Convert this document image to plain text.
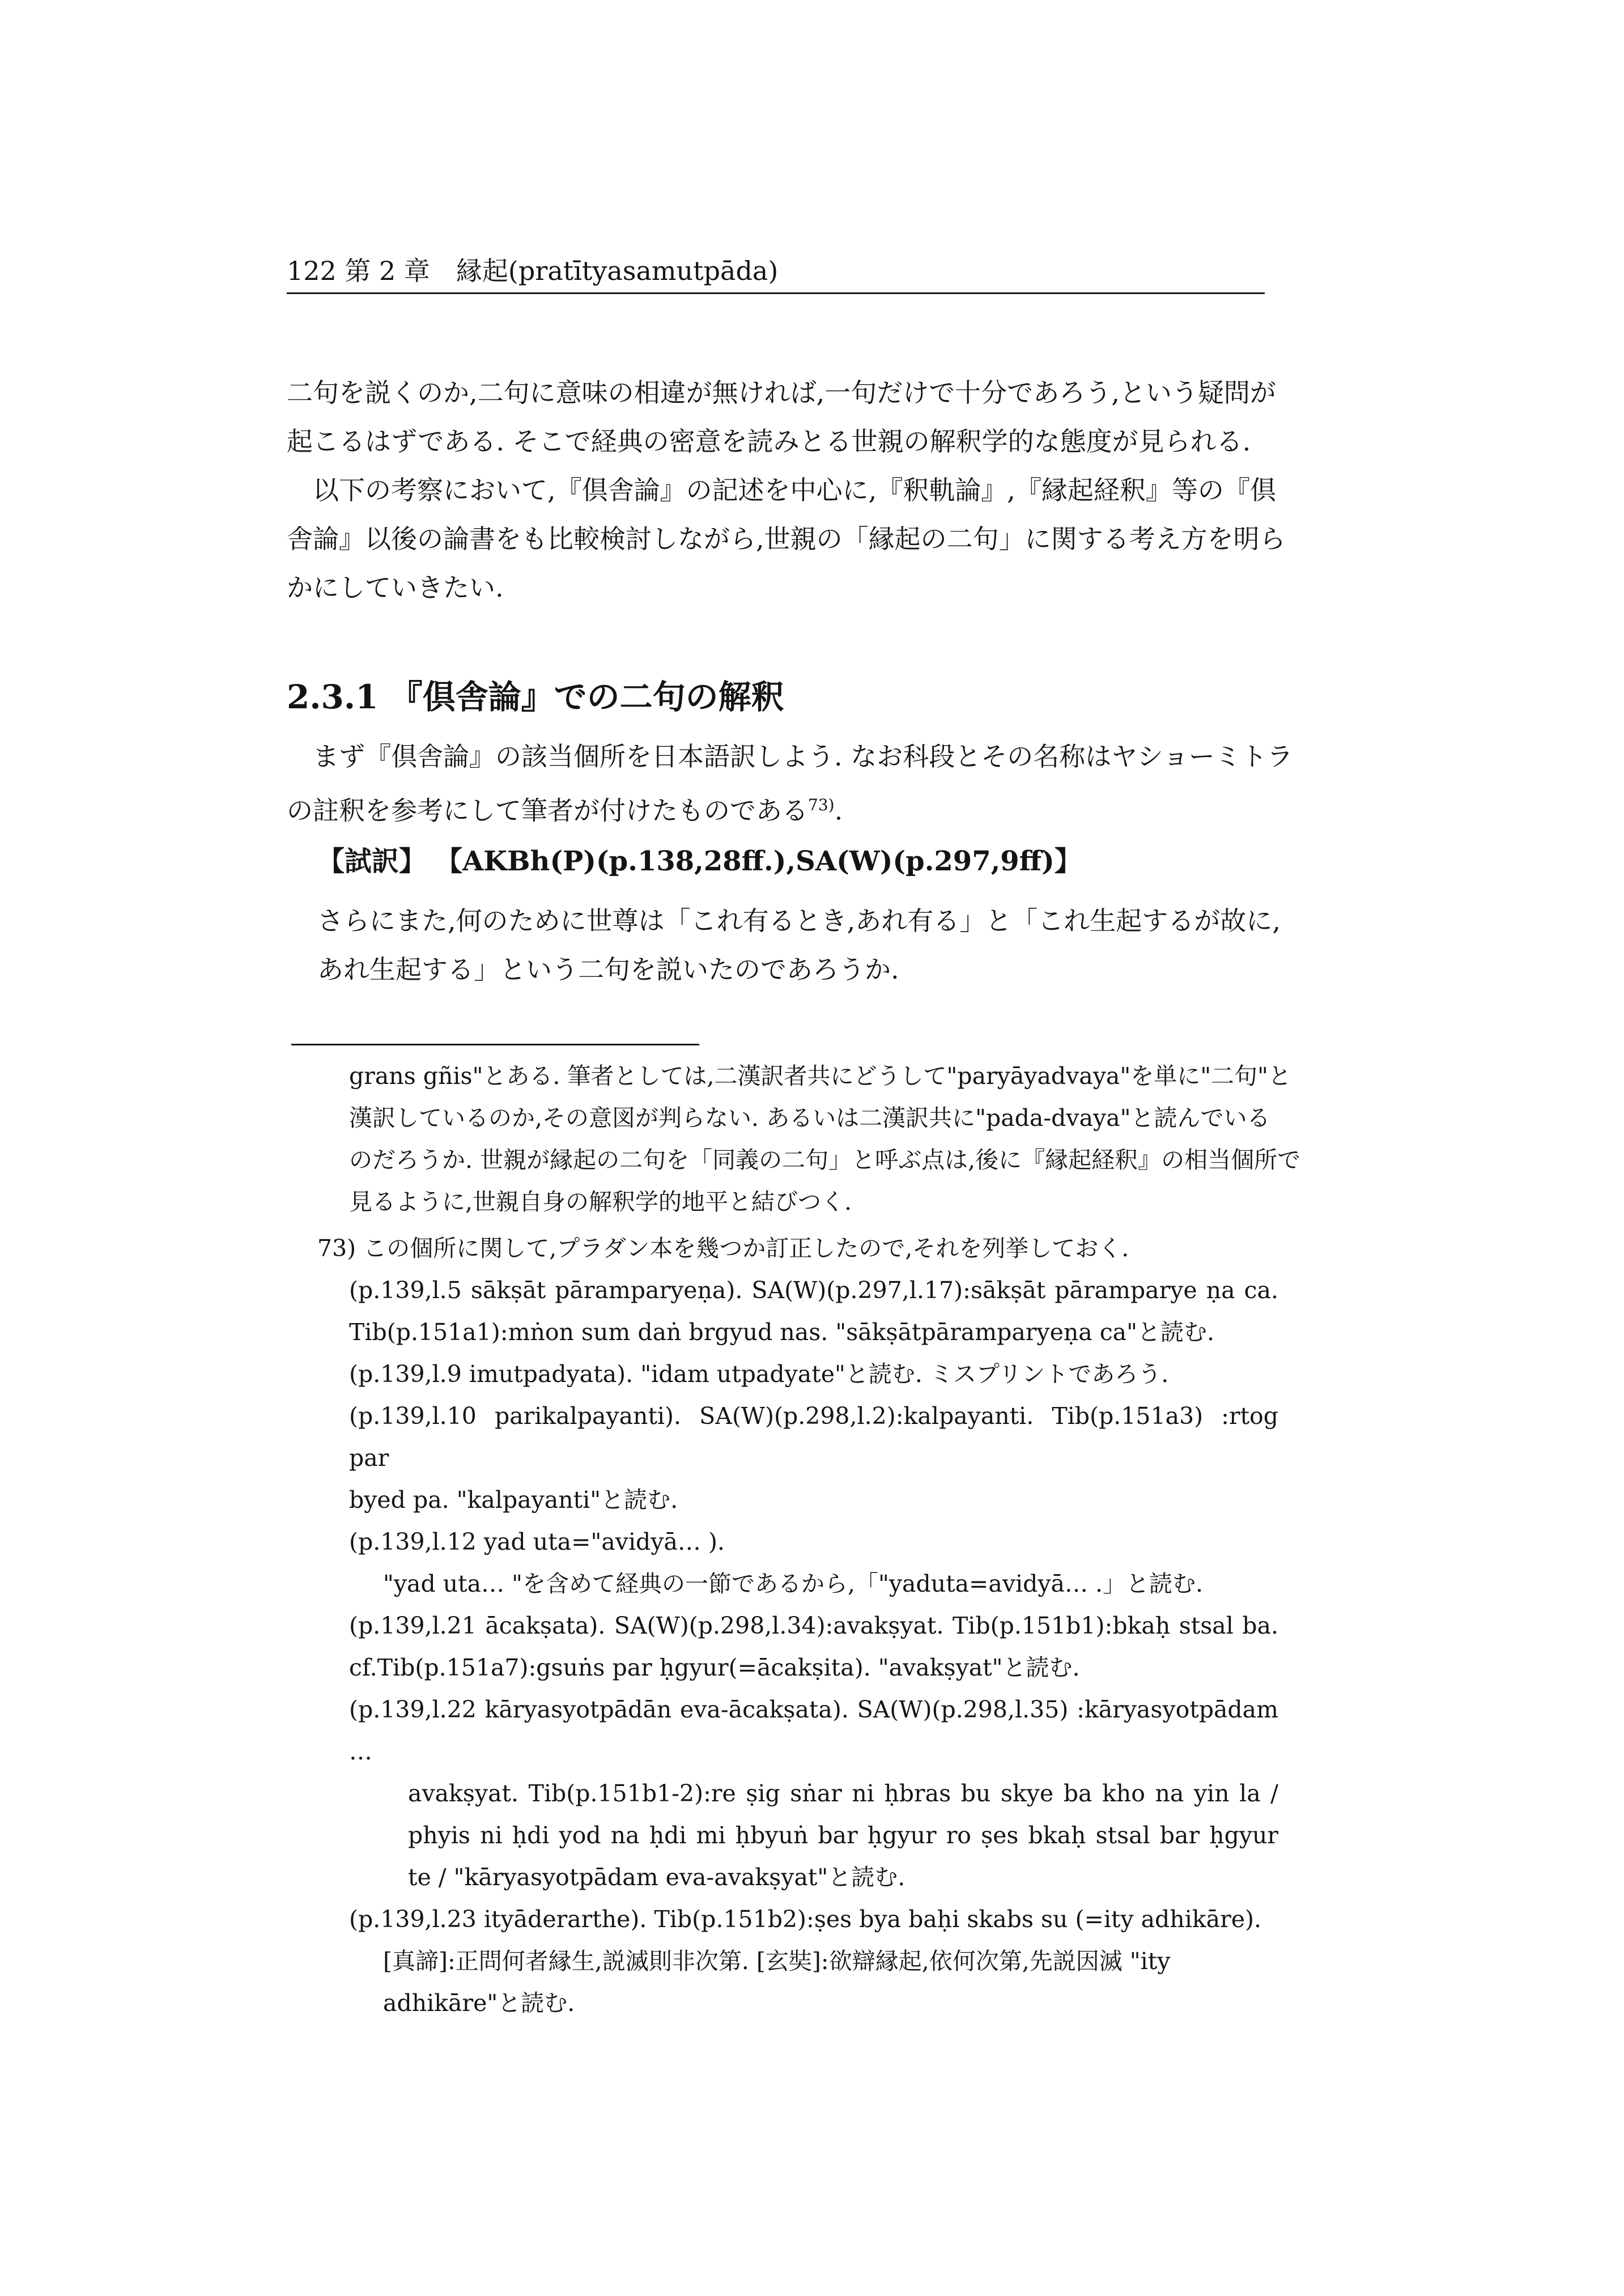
122 第 2 章　縁起(pratītyasamutpāda)

二句を説くのか,二句に意味の相違が無ければ,一句だけで十分であろう,という疑問が

起こるはずである. そこで経典の密意を読みとる世親の解釈学的な態度が見られる.

以下の考察において,『倶舎論』の記述を中心に,『釈軌論』,『縁起経釈』等の『倶舎論』以後の論書をも比較検討しながら,世親の「縁起の二句」に関する考え方を明らかにしていきたい.

2.3.1 『倶舎論』での二句の解釈

まず『倶舎論』の該当個所を日本語訳しよう. なお科段とその名称はヤショーミトラの註釈を参考にして筆者が付けたものである$^{73)}$.

【試訳】 【AKBh(P)(p.138,28ff.),SA(W)(p.297,9ff)】
さらにまた,何のために世尊は「これ有るとき,あれ有る」と「これ生起するが故に,あれ生起する」という二句を説いたのであろうか.

grans gñis"とある. 筆者としては,二漢訳者共にどうして"paryāyadvaya"を単に"二句"と

漢訳しているのか,その意図が判らない. あるいは二漢訳共に"pada-dvaya"と読んでいる

のだろうか. 世親が縁起の二句を「同義の二句」と呼ぶ点は,後に『縁起経釈』の相当個所で

見るように,世親自身の解釈学的地平と結びつく.

73) この個所に関して,プラダン本を幾つか訂正したので,それを列挙しておく.

(p.139,l.5 sākṣāt pāramparyeṇa). SA(W)(p.297,l.17):sākṣāt pāramparye ṇa ca.

Tib(p.151a1):mṅon sum daṅ brgyud nas. "sākṣātpāramparyeṇa ca"と読む.

(p.139,l.9 imutpadyata). "idam utpadyate"と読む. ミスプリントであろう.

(p.139,l.10 parikalpayanti). SA(W)(p.298,l.2):kalpayanti. Tib(p.151a3) :rtog par

byed pa. "kalpayanti"と読む.

(p.139,l.12 yad uta="avidyā… ).

"yad uta… "を含めて経典の一節であるから,「"yaduta=avidyā… .」と読む.

(p.139,l.21 ācakṣata). SA(W)(p.298,l.34):avakṣyat. Tib(p.151b1):bkaḥ stsal ba.

cf.Tib(p.151a7):gsuṅs par ḥgyur(=ācakṣita). "avakṣyat"と読む.

(p.139,l.22 kāryasyotpādān eva-ācakṣata). SA(W)(p.298,l.35) :kāryasyotpādam …

avakṣyat. Tib(p.151b1-2):re ṣig sṅar ni ḥbras bu skye ba kho na yin la /

phyis ni ḥdi yod na ḥdi mi ḥbyuṅ bar ḥgyur ro ṣes bkaḥ stsal bar ḥgyur

te / "kāryasyotpādam eva-avakṣyat"と読む.

(p.139,l.23 ityāderarthe). Tib(p.151b2):ṣes bya baḥi skabs su (=ity adhikāre).

[真諦]:正問何者縁生,説滅則非次第. [玄奘]:欲辯縁起,依何次第,先説因滅 "ity

adhikāre"と読む.
